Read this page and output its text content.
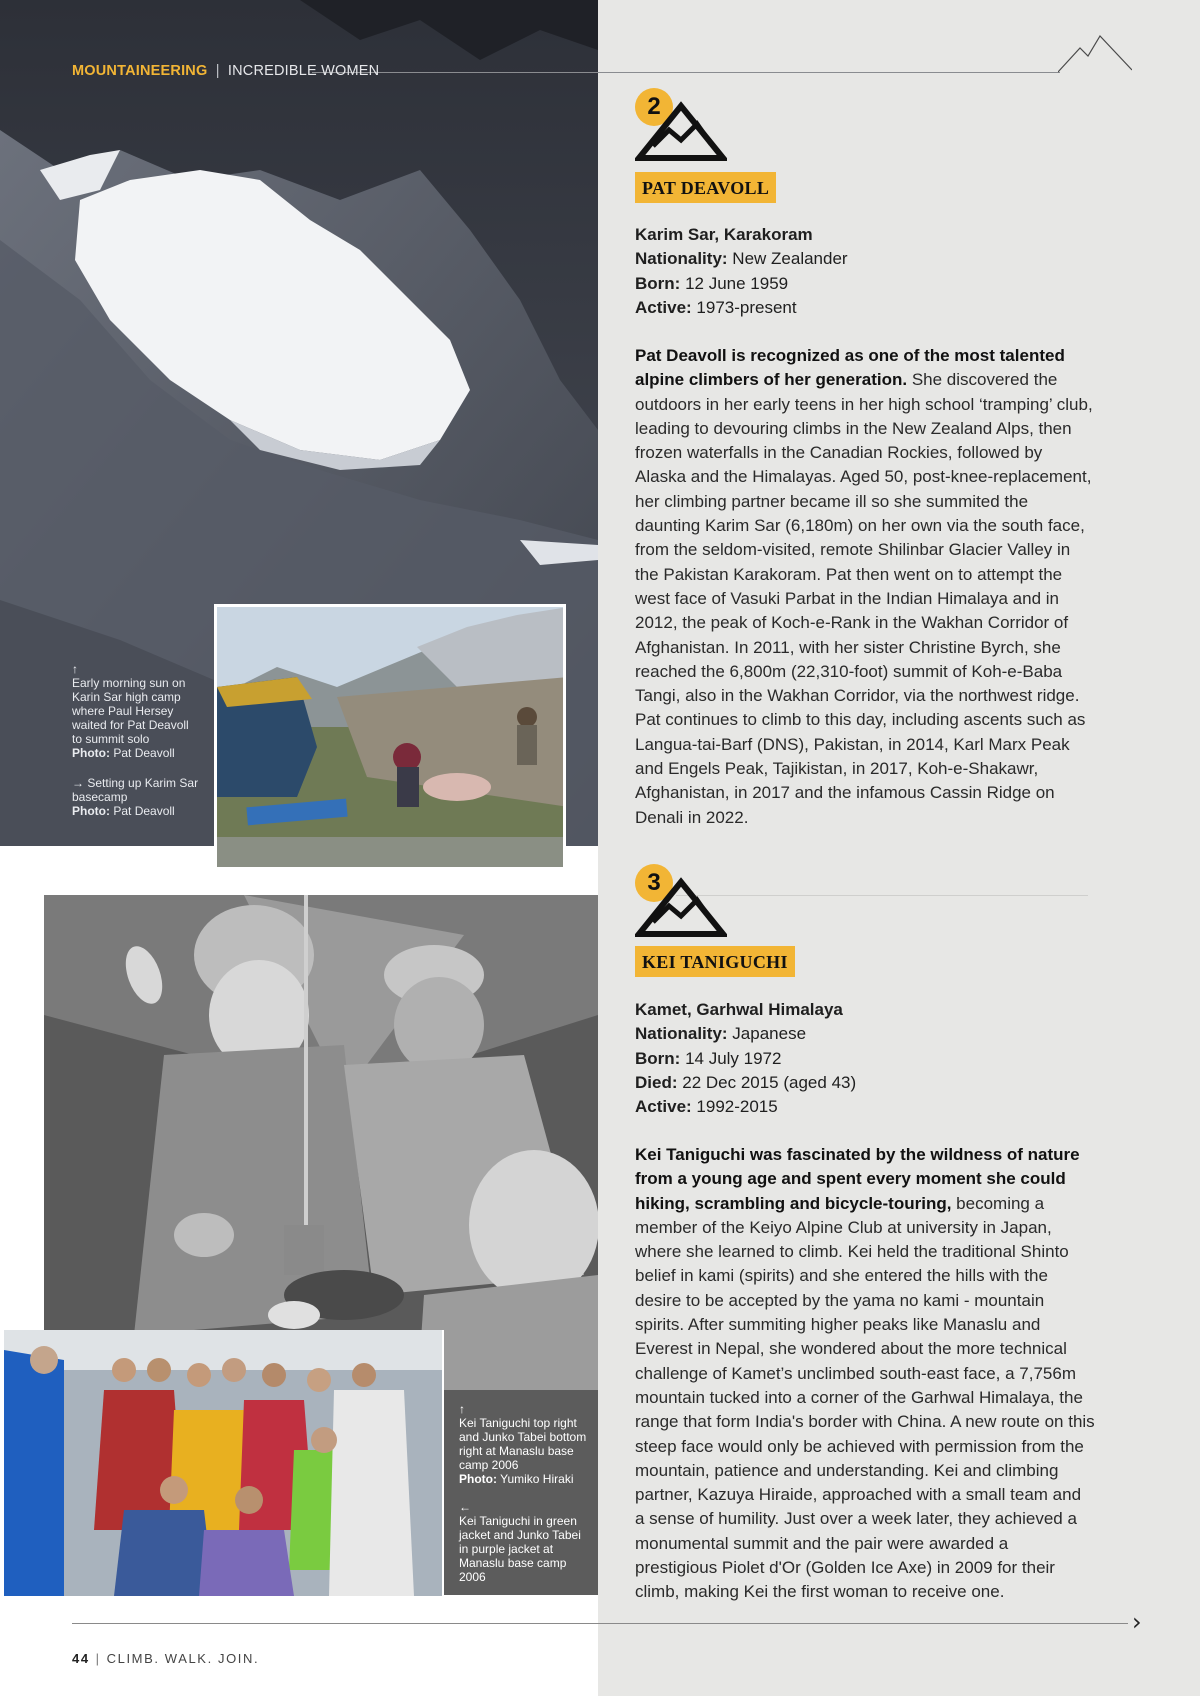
MOUNTAINEERING | INCREDIBLE WOMEN
↑
Early morning sun on Karin Sar high camp where Paul Hersey waited for Pat Deavoll to summit solo
Photo: Pat Deavoll
→ Setting up Karim Sar basecamp
Photo: Pat Deavoll
↑
Kei Taniguchi top right and Junko Tabei bottom right at Manaslu base camp 2006
Photo: Yumiko Hiraki
←
Kei Taniguchi in green jacket and Junko Tabei in purple jacket at Manaslu base camp 2006
2
PAT DEAVOLL
Karim Sar, Karakoram
Nationality: New Zealander
Born: 12 June 1959
Active: 1973-present
Pat Deavoll is recognized as one of the most talented alpine climbers of her generation. She discovered the outdoors in her early teens in her high school ‘tramping’ club, leading to devouring climbs in the New Zealand Alps, then frozen waterfalls in the Canadian Rockies, followed by Alaska and the Himalayas. Aged 50, post-knee-replacement, her climbing partner became ill so she summited the daunting Karim Sar (6,180m) on her own via the south face, from the seldom-visited, remote Shilinbar Glacier Valley in the Pakistan Karakoram. Pat then went on to attempt the west face of Vasuki Parbat in the Indian Himalaya and in 2012, the peak of Koch-e-Rank in the Wakhan Corridor of Afghanistan. In 2011, with her sister Christine Byrch, she reached the 6,800m (22,310-foot) summit of Koh-e-Baba Tangi, also in the Wakhan Corridor, via the northwest ridge. Pat continues to climb to this day, including ascents such as Langua-tai-Barf (DNS), Pakistan, in 2014, Karl Marx Peak and Engels Peak, Tajikistan, in 2017, Koh-e-Shakawr, Afghanistan, in 2017 and the infamous Cassin Ridge on Denali in 2022.
3
KEI TANIGUCHI
Kamet, Garhwal Himalaya
Nationality: Japanese
Born: 14 July 1972
Died: 22 Dec 2015 (aged 43)
Active: 1992-2015
Kei Taniguchi was fascinated by the wildness of nature from a young age and spent every moment she could hiking, scrambling and bicycle-touring, becoming a member of the Keiyo Alpine Club at university in Japan, where she learned to climb. Kei held the traditional Shinto belief in kami (spirits) and she entered the hills with the desire to be accepted by the yama no kami - mountain spirits. After summiting higher peaks like Manaslu and Everest in Nepal, she wondered about the more technical challenge of Kamet’s unclimbed south-east face, a 7,756m mountain tucked into a corner of the Garhwal Himalaya, the range that form India's border with China. A new route on this steep face would only be achieved with permission from the mountain, patience and understanding. Kei and climbing partner, Kazuya Hiraide, approached with a small team and a sense of humility. Just over a week later, they achieved a monumental summit and the pair were awarded a prestigious Piolet d'Or (Golden Ice Axe) in 2009 for their climb, making Kei the first woman to receive one.
›
44 | CLIMB. WALK. JOIN.
